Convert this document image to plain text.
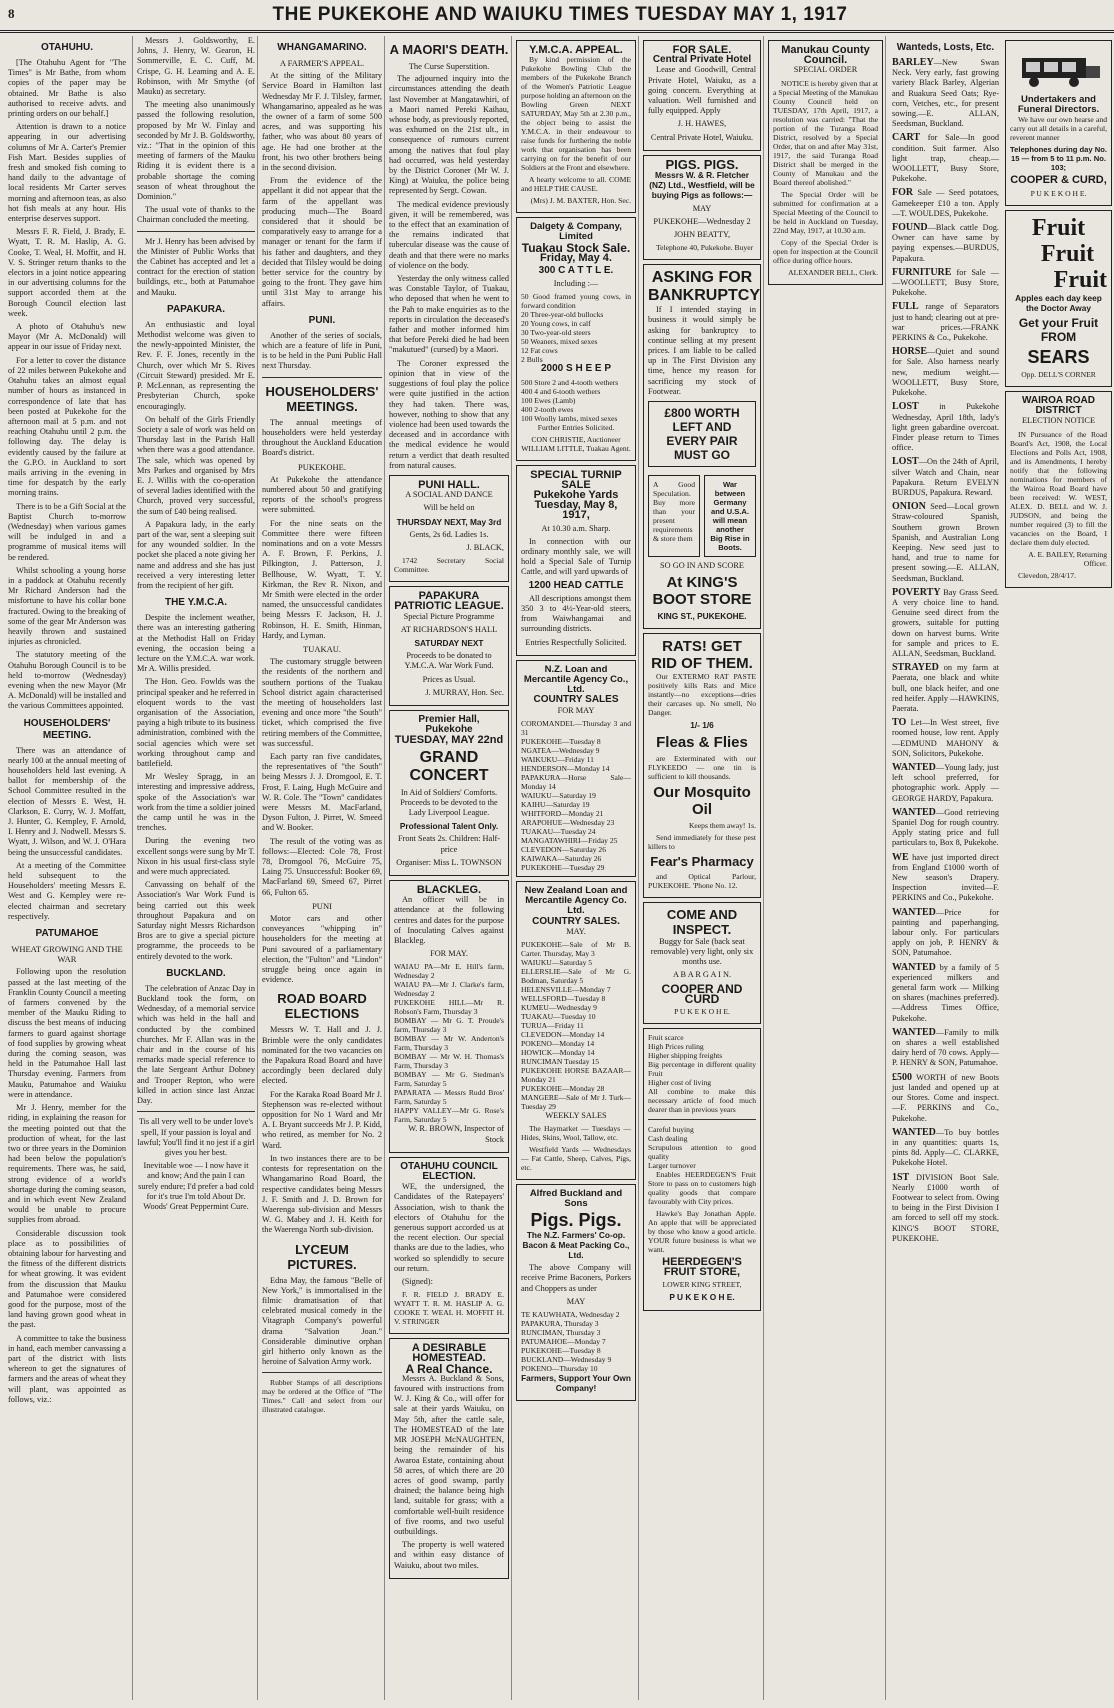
8	THE PUKEKOHE AND WAIUKU TIMES TUESDAY MAY 1, 1917
OTAHUHU.

[The Otahuhu Agent for "The Times" is Mr Bathe, from whom copies of the paper may be obtained. Mr Bathe is also authorised to receive advts. and printing orders on our behalf.]

Attention is drawn to a notice appearing in our advertising columns of Mr A. Carter's Premier Fish Mart. Besides supplies of fresh and smoked fish coming to hand daily to the advantage of local residents Mr Carter serves morning and afternoon teas, as also hot fish meals at any hour. His enterprise deserves support.

Messrs F. R. Field, J. Brady, E. Wyatt, T. R. M. Haslip, A. G. Cooke, T. Weal, H. Moffit, and H. V. S. Stringer return thanks to the electors in a joint notice appearing in our advertising columns for the support accorded them at the Borough Council election last week.

A photo of Otahuhu's new Mayor (Mr A. McDonald) will appear in our issue of Friday next.

For a letter to cover the distance of 22 miles between Pukekohe and Otahuhu takes an almost equal number of hours as instanced in correspondence of late that has been posted at Pukekohe for the afternoon mail at 5 p.m. and not reaching Otahuhu until 2 p.m. the following day. The delay is evidently caused by the failure at the G.P.O. in Auckland to sort mails arriving in the evening in time for despatch by the early morning trains.

There is to be a Gift Social at the Baptist Church to-morrow (Wednesday) when various games will be indulged in and a programme of musical items will be rendered.

Whilst schooling a young horse in a paddock at Otahuhu recently Mr Richard Anderson had the misfortune to have his collar bone fractured. Owing to the breaking of some of the gear Mr Anderson was heavily thrown and sustained injuries as chronicled.

The statutory meeting of the Otahuhu Borough Council is to be held to-morrow (Wednesday) evening when the new Mayor (Mr A. McDonald) will be installed and the various Committees appointed.

HOUSEHOLDERS' MEETING.

There was an attendance of nearly 100 at the annual meeting of householders held last evening. A ballot for membership of the School Committee resulted in the election of Messrs E. West, H. Clarkson, E. Curry, W. J. Moffatt, J. Hunter, G. Kempley, F. Arnold, I. Henry and J. Nodwell. Messrs S. Wyatt, J. Wilson, and W. J. O'Hara being the unsuccessful candidates.

At a meeting of the Committee held subsequent to the Householders' meeting Messrs E. West and G. Kempley were re-elected chairman and secretary respectively.

PATUMAHOE
WHEAT GROWING AND THE WAR

Following upon the resolution passed at the last meeting of the Franklin County Council a meeting of farmers convened by the member of the Mauku Riding to discuss the best means of inducing farmers to guard against shortage of food supplies by growing wheat during the coming season, was held in the Patumahoe Hall last Thursday evening. Farmers from Mauku, Patumahoe and Waiuku were in attendance.

Mr J. Henry, member for the riding, in explaining the reason for the meeting pointed out that the production of wheat, for the last two or three years in the Dominion had been below the population's requirements. There was, he said, strong evidence of a world's shortage during the coming season, and in which event New Zealand would be unable to procure supplies from abroad.

Considerable discussion took place as to possibilities of obtaining labour for harvesting and the fitness of the different districts for wheat growing. It was evident from the discussion that Mauku and Patumahoe were considered good for the purpose, most of the land having grown good wheat in the past.

A committee to take the business in hand, each member canvassing a part of the district with lists whereon to get the signatures of farmers and the areas of wheat they will plant, was appointed as follows, viz.:

Messrs J. Goldsworthy, E. Johns, J. Henry, W. Gearon, H. Sommerville, E. C. Cuff, M. Crispe, G. H. Leaming and A. E. Robinson, with Mr Smythe (of Mauku) as secretary.

The meeting also unanimously passed the following resolution, proposed by Mr W. Finlay and seconded by Mr J. B. Goldsworthy, viz.: "That in the opinion of this meeting of farmers of the Mauku Riding it is evident there is a probable shortage the coming season of wheat throughout the Dominion."

The usual vote of thanks to the Chairman concluded the meeting.

Mr J. Henry has been advised by the Minister of Public Works that the Cabinet has accepted and let a contract for the erection of station buildings, etc., both at Patumahoe and Mauku.

PAPAKURA.

An enthusiastic and loyal Methodist welcome was given to the newly-appointed Minister, the Rev. F. F. Jones, recently in the Church, over which Mr S. Rives (Circuit Steward) presided. Mr E. P. McLennan, as representing the Presbyterian Church, spoke encouragingly.

On behalf of the Girls Friendly Society a sale of work was held on Thursday last in the Parish Hall when there was a good attendance. The sale, which was opened by Mrs Parkes and organised by Mrs E. J. Willis with the co-operation of several ladies identified with the Church, proved very successful, the sum of £40 being realised.

A Papakura lady, in the early part of the war, sent a sleeping suit for any wounded soldier. In the pocket she placed a note giving her name and address and she has just received a very interesting letter from the recipient of her gift.

THE Y.M.C.A.

Despite the inclement weather, there was an interesting gathering at the Methodist Hall on Friday evening, the occasion being a lecture on the Y.M.C.A. war work. Mr A. Willis presided.

The Hon. Geo. Fowlds was the principal speaker and he referred in eloquent words to the vast organisation of the Association, paying a high tribute to its business administration, combined with the social agencies which were set working throughout camp and battlefield.

Mr Wesley Spragg, in an interesting and impressive address, spoke of the Association's war work from the time a soldier joined the camp until he was in the trenches.

During the evening two excellent songs were sung by Mr T. Nixon in his usual first-class style and were much appreciated.

Canvassing on behalf of the Association's War Work Fund is being carried out this week throughout Papakura and on Saturday night Messrs Richardson Bros are to give a special picture programme, the proceeds to be entirely devoted to the work.

BUCKLAND.

The celebration of Anzac Day in Buckland took the form, on Wednesday, of a memorial service which was held in the hall and conducted by the combined churches. Mr F. Allan was in the chair and in the course of his remarks made special reference to the late Sergeant Arthur Dobney and Trooper Repton, who were killed in action since last Anzac Day.

Tis all very well to be under love's spell, If your passion is loyal and lawful; You'll find it no jest if a girl gives you her best.

Inevitable woe — I now have it and know; And the pain I can surely endure; I'd prefer a bad cold for it's true I'm told About Dr. Woods' Great Peppermint Cure.

WHANGAMARINO.
A FARMER'S APPEAL.

At the sitting of the Military Service Board in Hamilton last Wednesday Mr F. J. Tilsley, farmer, Whangamarino, appealed as he was the owner of a farm of some 500 acres, and was supporting his father, who was about 80 years of age. He had one brother at the front, his two other brothers being in the second division.

From the evidence of the appellant it did not appear that the farm of the appellant was producing much—The Board considered that it should be comparatively easy to arrange for a manager or tenant for the farm if his father and daughters, and they decided that Tilsley would be doing better service for the country by going to the front. They gave him until 31st May to arrange his affairs.

PUNI.

Another of the series of socials, which are a feature of life in Puni, is to be held in the Puni Public Hall next Thursday.

HOUSEHOLDERS' MEETINGS.

The annual meetings of householders were held yesterday throughout the Auckland Education Board's district.

PUKEKOHE.

At Pukekohe the attendance numbered about 50 and gratifying reports of the school's progress were submitted.

For the nine seats on the Committee there were fifteen nominations and on a vote Messrs A. F. Brown, F. Perkins, J. Pilkington, J. Patterson, J. Bellhouse, W. Wyatt, T. Y. Kirkman, the Rev R. Nixon, and Mr Smith were elected in the order named, the unsuccessful candidates being Messrs F. Jackson, H. J. Robinson, H. E. Smith, Hinman, Hardy, and Lyman.

TUAKAU.

The customary struggle between the residents of the northern and southern portions of the Tuakau School district again characterised the meeting of householders last evening and once more "the South" ticket, which comprised the five retiring members of the Committee, was successful.

Each party ran five candidates, the representatives of "the South" being Messrs J. J. Dromgool, E. T. Frost, F. Laing, Hugh McGuire and W. R. Cole. The "Town" candidates were Messrs M. MacFarland, Dyson Fulton, J. Pirret, W. Smeed and W. Booker.

The result of the voting was as follows:—Elected: Cole 78, Frost 78, Dromgool 76, McGuire 75, Laing 75. Unsuccessful: Booker 69, MacFarland 69, Smeed 67, Pirret 66, Fulton 65.

PUNI

Motor cars and other conveyances "whipping in" householders for the meeting at Puni savoured of a parliamentary election, the "Fulton" and "Lindon" struggle being once again in evidence.

ROAD BOARD ELECTIONS

Messrs W. T. Hall and J. J. Brimble were the only candidates nominated for the two vacancies on the Papakura Road Board and have accordingly been declared duly elected.

For the Karaka Road Board Mr J. Stephenson was re-elected without opposition for No 1 Ward and Mr A. I. Bryant succeeds Mr J. P. Kidd, who retired, as member for No. 2 Ward.

In two instances there are to be contests for representation on the Whangamarino Road Board, the respective candidates being Messrs J. F. Smith and J. D. Brown for Waerenga sub-division and Messrs W. G. Mabey and J. H. Keith for the Waerenga North sub-division.

LYCEUM PICTURES.

Edna May, the famous "Belle of New York," is immortalised in the filmic dramatisation of that celebrated musical comedy in the Vitagraph Company's powerful drama "Salvation Joan." Considerable diminutive orphan girl hitherto only known as the heroine of Salvation Army work.

Rubber Stamps of all descriptions may be ordered at the Office of "The Times." Call and select from our illustrated catalogue.

A MAORI'S DEATH.
The Curse Superstition.

The adjourned inquiry into the circumstances attending the death last November at Mangatawhiri, of a Maori named Pereki Kaihau, whose body, as previously reported, was exhumed on the 21st ult., in consequence of rumours current among the natives that foul play had occurred, was held yesterday by the District Coroner (Mr W. J. King) at Waiuku, the police being represented by Sergt. Cowan.

The medical evidence previously given, it will be remembered, was to the effect that an examination of the remains indicated that tubercular disease was the cause of death and that there were no marks of violence on the body.

Yesterday the only witness called was Constable Taylor, of Tuakau, who deposed that when he went to the Pah to make enquiries as to the reports in circulation the deceased's father and mother informed him that before Pereki died he had been "makutued" (cursed) by a Maori.

The Coroner expressed the opinion that in view of the suggestions of foul play the police were quite justified in the action they had taken. There was, however, nothing to show that any violence had been used towards the deceased and in accordance with the medical evidence he would return a verdict that death resulted from natural causes.

PUNI HALL.

A SOCIAL AND DANCE

Will be held on

THURSDAY NEXT, May 3rd

Gents, 2s 6d. Ladies 1s.

J. BLACK,

1742 Secretary Social Committee.

PAPAKURA PATRIOTIC LEAGUE.

Special Picture Programme

AT RICHARDSON'S HALL

SATURDAY NEXT

Proceeds to be donated to Y.M.C.A. War Work Fund.

Prices as Usual.

J. MURRAY, Hon. Sec.

Premier Hall, Pukekohe

TUESDAY, MAY 22nd

GRAND CONCERT

In Aid of Soldiers' Comforts. Proceeds to be devoted to the Lady Liverpool League.

Professional Talent Only.

Front Seats 2s. Children: Half-price

Organiser: Miss L. TOWNSON

BLACKLEG.

An officer will be in attendance at the following centres and dates for the purpose of Inoculating Calves against Blackleg.

FOR MAY.

WAIAU PA—Mr E. Hill's farm, Wednesday 2

WAIAU PA—Mr J. Clarke's farm, Wednesday 2

PUKEKOHE HILL—Mr R. Robson's Farm, Thursday 3

BOMBAY — Mr G. T. Proude's farm, Thursday 3

BOMBAY — Mr W. Anderton's Farm, Thursday 3

BOMBAY — Mr W. H. Thomas's Farm, Thursday 3

BOMBAY — Mr G. Stedman's Farm, Saturday 5

PAPARATA — Messrs Rudd Bros' Farm, Saturday 5

HAPPY VALLEY—Mr G. Rose's Farm, Saturday 5

W. R. BROWN, Inspector of Stock

OTAHUHU COUNCIL ELECTION.

WE, the undersigned, the Candidates of the Ratepayers' Association, wish to thank the electors of Otahuhu for the generous support accorded us at the recent election. Our special thanks are due to the ladies, who worked so splendidly to secure our return.

(Signed):

F. R. FIELD J. BRADY E. WYATT T. R. M. HASLIP A. G. COOKE T. WEAL H. MOFFIT H. V. STRINGER

A DESIRABLE HOMESTEAD.
A Real Chance.

Messrs A. Buckland & Sons, favoured with instructions from W. J. King & Co., will offer for sale at their yards Waiuku, on May 5th, after the cattle sale, The HOMESTEAD of the late MR JOSEPH McNAUGHTEN, being the remainder of his Awaroa Estate, containing about 58 acres, of which there are 20 acres of good swamp, partly drained; the balance being high land, suitable for grass; with a comfortable well-built residence of five rooms, and two useful outbuildings.

The property is well watered and within easy distance of Waiuku, about two miles.

Y.M.C.A. APPEAL.

By kind permission of the Pukekohe Bowling Club the members of the Pukekohe Branch of the Women's Patriotic League purpose holding an afternoon on the Bowling Green NEXT SATURDAY, May 5th at 2.30 p.m., the object being to assist the Y.M.C.A. in their endeavour to raise funds for furthering the noble work that organisation has been carrying on for the benefit of our Soldiers at the Front and elsewhere.

A hearty welcome to all. COME and HELP THE CAUSE.

(Mrs) J. M. BAXTER, Hon. Sec.

Dalgety & Company, Limited
Tuakau Stock Sale.

Friday, May 4.

300 C A T T L E.

Including :—

50 Good framed young cows, in forward condition

20 Three-year-old bullocks

20 Young cows, in calf

30 Two-year-old steers

50 Weaners, mixed sexes

12 Fat cows

2 Bulls

2000 S H E E P

500 Store 2 and 4-tooth wethers

400 4 and 6-tooth wethers

100 Ewes (Lamb)

400 2-tooth ewes

100 Woolly lambs, mixed sexes

Further Entries Solicited.

CON CHRISTIE, Auctioneer WILLIAM LITTLE, Tuakau Agent.

SPECIAL TURNIP SALE
Pukekohe Yards

Tuesday, May 8, 1917,

At 10.30 a.m. Sharp.

In connection with our ordinary monthly sale, we will hold a Special Sale of Turnip Cattle, and will yard upwards of

1200 HEAD CATTLE

All descriptions amongst them 350 3 to 4½-Year-old steers, from Waiwhangamai and surrounding districts.

Entries Respectfully Solicited.

N.Z. Loan and Mercantile Agency Co., Ltd.
COUNTRY SALES

FOR MAY

COROMANDEL—Thursday 3 and 31

PUKEKOHE—Tuesday 8

NGATEA—Wednesday 9

WAIKUKU—Friday 11

HENDERSON—Monday 14

PAPAKURA—Horse Sale—Monday 14

WAIUKU—Saturday 19

KAIHU—Saturday 19

WHITFORD—Monday 21

ARAPOHUE—Wednesday 23

TUAKAU—Tuesday 24

MANGATAWHIRI—Friday 25

CLEVEDON—Saturday 26

KAIWAKA—Saturday 26

PUKEKOHE—Tuesday 29

New Zealand Loan and Mercantile Agency Co. Ltd.
COUNTRY SALES.

MAY.

PUKEKOHE—Sale of Mr B. Carter. Thursday, May 3

WAIUKU—Saturday 5

ELLERSLIE—Sale of Mr G. Bodman, Saturday 5

HELENSVILLE—Monday 7

WELLSFORD—Tuesday 8

KUMEU—Wednesday 9

TUAKAU—Tuesday 10

TURUA—Friday 11

CLEVEDON—Monday 14

POKENO—Monday 14

HOWICK—Monday 14

RUNCIMAN Tuesday 15

PUKEKOHE HORSE BAZAAR—Monday 21

PUKEKOHE—Monday 28

MANGERE—Sale of Mr J. Turk—Tuesday 29

WEEKLY SALES

The Haymarket — Tuesdays — Hides, Skins, Wool, Tallow, etc.

Westfield Yards — Wednesdays — Fat Cattle, Sheep, Calves, Pigs, etc.

Alfred Buckland and Sons
Pigs. Pigs.

The N.Z. Farmers' Co-op. Bacon & Meat Packing Co., Ltd.

The above Company will receive Prime Baconers, Porkers and Choppers as under

MAY

TE KAUWHATA, Wednesday 2

PAPAKURA, Thursday 3

RUNCIMAN, Thursday 3

PATUMAHOE—Monday 7

PUKEKOHE—Tuesday 8

BUCKLAND—Wednesday 9

POKENO—Thursday 10

Farmers, Support Your Own Company!

FOR SALE.
Central Private Hotel

Lease and Goodwill, Central Private Hotel, Waiuku, as a going concern. Everything at valuation. Well furnished and fully equipped. Apply

J. H. HAWES,

Central Private Hotel, Waiuku.

PIGS. PIGS.

Messrs W. & R. Fletcher (NZ) Ltd., Westfield, will be buying Pigs as follows:—

MAY

PUKEKOHE—Wednesday 2

JOHN BEATTY,

Telephone 40, Pukekohe. Buyer

ASKING FOR BANKRUPTCY

If I intended staying in business it would simply be asking for bankruptcy to continue selling at my present prices. I am liable to be called up in The First Division any time, hence my reason for sacrificing my stock of Footwear.

£800 WORTH LEFT AND EVERY PAIR MUST GO
A Good Speculation. Buy more than your present requirements & store them
War between Germany and U.S.A. will mean another Big Rise in Boots.

SO GO IN AND SCORE

At KING'S BOOT STORE

KING ST., PUKEKOHE.

RATS! GET RID OF THEM.

Our EXTERMO RAT PASTE positively kills Rats and Mice instantly—no exceptions—dries their carcases up. No smell, No Danger.

1/- 1/6

Fleas & Flies

are Exterminated with our FLYKEEDO — one tin is sufficient to kill thousands.

Our Mosquito Oil

Keeps them away! 1s.

Send immediately for these pest killers to

Fear's Pharmacy

and Optical Parlour, PUKEKOHE. 'Phone No. 12.

COME AND INSPECT.

Buggy for Sale (back seat removable) very light, only six months use.

A B A R G A I N.

COOPER AND CURD

P U K E K O H E.

Fruit scarce

High Prices ruling

Higher shipping freights

Big percentage in different quality Fruit

Higher cost of living

All combine to make this necessary article of food much dearer than in previous years

Careful buying

Cash dealing

Scrupulous attention to good quality

Larger turnover

Enables HEERDEGEN'S Fruit Store to pass on to customers high quality goods that compare favourably with City prices.

Hawke's Bay Jonathan Apple. An apple that will be appreciated by those who know a good article. YOUR future business is what we want.

HEERDEGEN'S FRUIT STORE,

LOWER KING STREET,

P U K E K O H E.

Manukau County Council.

SPECIAL ORDER

NOTICE is hereby given that at a Special Meeting of the Manukau County Council held on TUESDAY, 17th April, 1917, a resolution was carried: "That the portion of the Turanga Road District, resolved by a Special Order, that on and after May 31st, 1917, the said Turanga Road District shall be merged in the County of Manukau and the Board thereof abolished."

The Special Order will be submitted for confirmation at a Special Meeting of the Council to be held in Auckland on Tuesday, 22nd May, 1917, at 10.30 a.m.

Copy of the Special Order is open for inspection at the Council office during office hours.

ALEXANDER BELL, Clerk.

Wanteds, Losts, Etc.

BARLEY—New Swan Neck. Very early, fast growing variety Black Barley, Algerian and Ruakura Seed Oats; Rye-corn, Vetches, etc., for present sowing.—E. ALLAN, Seedsman, Buckland.

CART for Sale—In good condition. Suit farmer. Also light trap, cheap.—WOOLLETT, Busy Store, Pukekohe.

FOR Sale — Seed potatoes, Gamekeeper £10 a ton. Apply—T. WOULDES, Pukekohe.

FOUND—Black cattle Dog. Owner can have same by paying expenses.—BURDUS, Papakura.

FURNITURE for Sale — —WOOLLETT, Busy Store, Pukekohe.

FULL range of Separators just to hand; clearing out at pre-war prices.—FRANK PERKINS & Co., Pukekohe.

HORSE—Quiet and sound for Sale. Also harness nearly new, medium weight.—WOOLLETT, Busy Store, Pukekohe.

LOST in Pukekohe Wednesday, April 18th, lady's light green gabardine overcoat. Finder please return to Times office.

LOST—On the 24th of April, silver Watch and Chain, near Papakura. Return EVELYN BURDUS, Papakura. Reward.

ONION Seed—Local grown Straw-coloured Spanish, Southern grown Brown Spanish, and Australian Long Keeping. New seed just to hand, and true to name for present sowing.—E. ALLAN, Seedsman, Buckland.

POVERTY Bay Grass Seed. A very choice line to hand. Genuine seed direct from the growers, suitable for putting down on harvest burns. Write for sample and prices to E. ALLAN, Seedsman, Buckland.

STRAYED on my farm at Paerata, one black and white bull, one black heifer, and one red heifer. Apply —HAWKINS, Paerata.

TO Let—In West street, five roomed house, low rent. Apply—EDMUND MAHONY & SON, Solicitors, Pukekohe.

WANTED—Young lady, just left school preferred, for photographic work. Apply — GEORGE HARDY, Papakura.

WANTED—Good retrieving Spaniel Dog for rough country. Apply stating price and full particulars to, Box 8, Pukekohe.

WE have just imported direct from England £1000 worth of New season's Drapery. Inspection invited—F. PERKINS and Co., Pukekohe.

WANTED—Price for painting and paperhanging, labour only. For particulars apply on job, P. HENRY & SON, Patumahoe.

WANTED by a family of 5 experienced milkers and general farm work — Milking on shares (machines preferred).—Address Times Office, Pukekohe.

WANTED—Family to milk on shares a well established dairy herd of 70 cows. Apply—P. HENRY & SON, Patumahoe.

£500 WORTH of new Boots just landed and opened up at our Stores. Come and inspect.—F. PERKINS and Co., Pukekohe.

WANTED—To buy bottles in any quantities: quarts 1s, pints 8d. Apply—C. CLARKE, Pukekohe Hotel.

1ST DIVISION Boot Sale. Nearly £1000 worth of Footwear to select from. Owing to being in the First Division I am forced to sell off my stock. KING'S BOOT STORE, PUKEKOHE.

Undertakers and Funeral Directors.

We have our own hearse and carry out all details in a careful, reverent manner

Telephones during day No. 15 — from 5 to 11 p.m. No. 103;

COOPER & CURD,

P U K E K O H E.

Fruit
Fruit
Fruit

Apples each day keep the Doctor Away

Get your Fruit FROM

SEARS

Opp. DELL'S CORNER

WAIROA ROAD DISTRICT

ELECTION NOTICE

IN Pursuance of the Road Board's Act, 1908, the Local Elections and Polls Act, 1908, and its Amendments, I hereby notify that the following nominations for members of the Wairoa Road Board have been received: W. WEST, ALEX. D. BELL and W. J. JUDSON, and being the number required (3) to fill the vacancies on the Board, I declare them duly elected.

A. E. BAILEY, Returning Officer.

Clevedon, 28/4/17.
